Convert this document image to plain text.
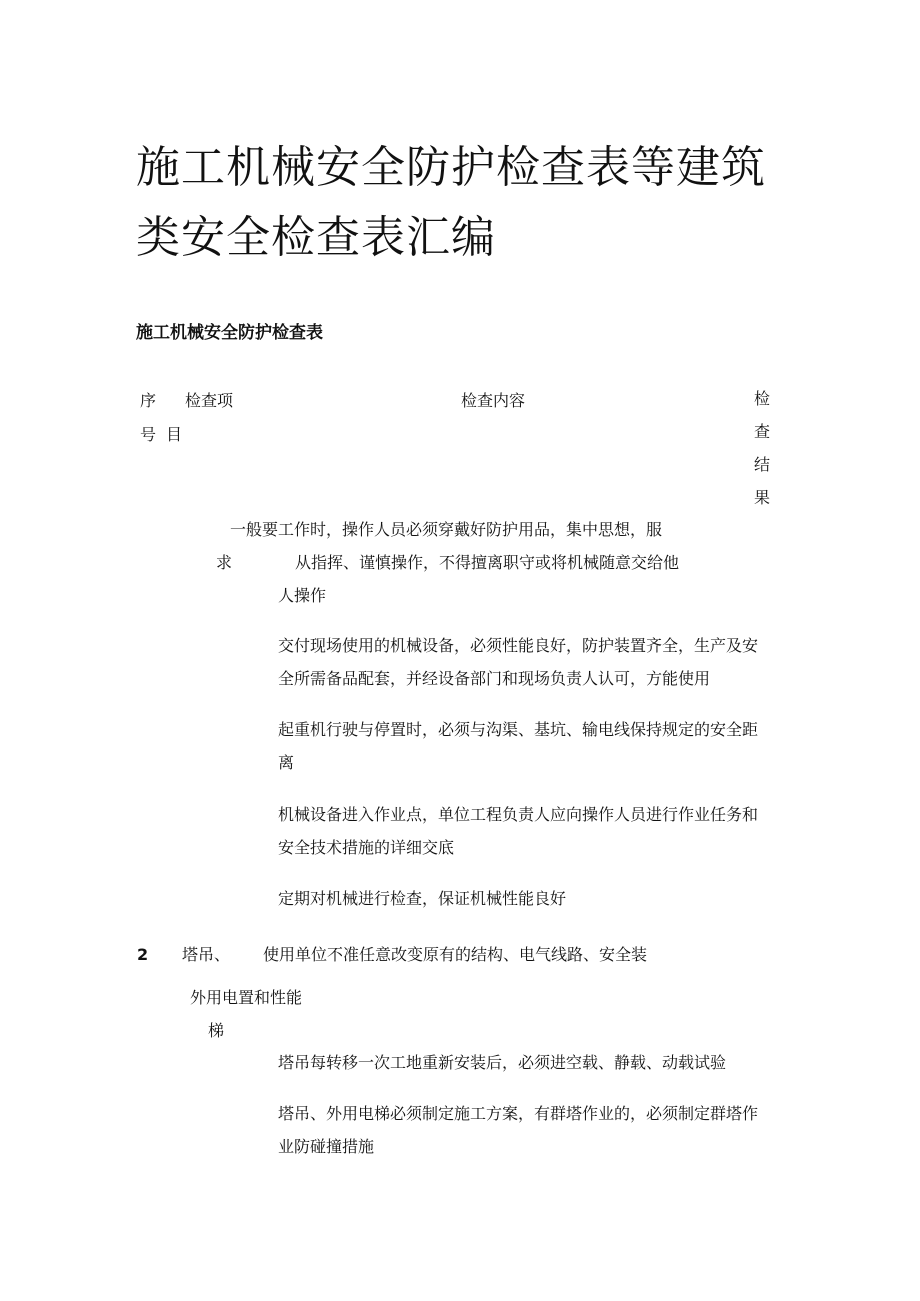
施工机械安全防护检查表等建筑
类安全检查表汇编
施工机械安全防护检查表
序
号
检查项
目
检查内容	检
查
结
果
一般要
求
工作时，操作人员必须穿戴好防护用品，集中思想，服
从指挥、谨慎操作，不得擅离职守或将机械随意交给他
人操作
交付现场使用的机械设备，必须性能良好，防护装置齐全，生产及安
全所需备品配套，并经设备部门和现场负责人认可，方能使用
起重机行驶与停置时，必须与沟渠、基坑、输电线保持规定的安全距
离
机械设备进入作业点，单位工程负责人应向操作人员进行作业任务和
安全技术措施的详细交底
定期对机械进行检查，保证机械性能良好
2 塔吊、
外用电
梯
使用单位不准任意改变原有的结构、电气线路、安全装
置和性能
塔吊每转移一次工地重新安装后，必须进空载、静载、动载试验
塔吊、外用电梯必须制定施工方案，有群塔作业的，必须制定群塔作
业防碰撞措施
